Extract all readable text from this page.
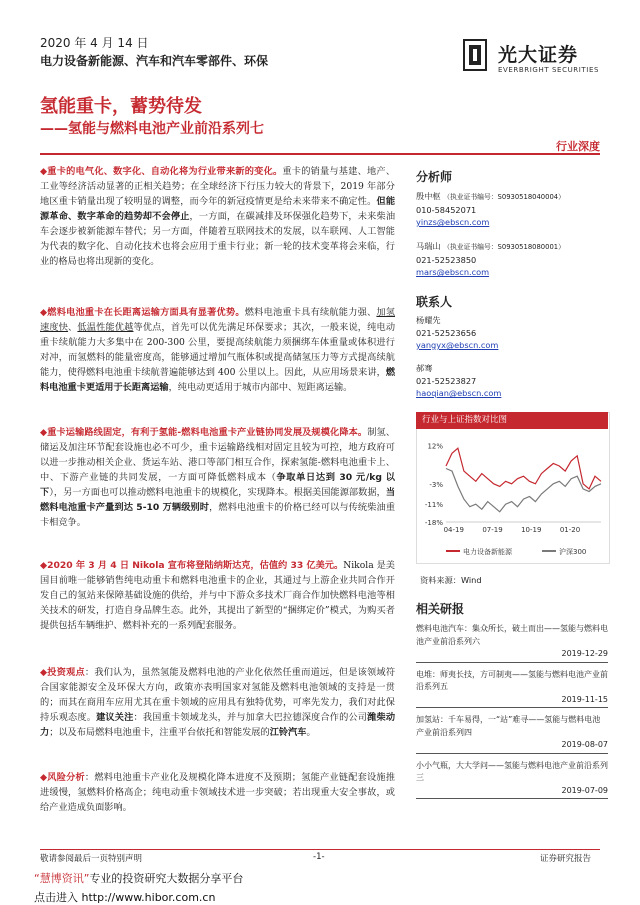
2020 年 4 月 14 日
电力设备新能源、汽车和汽车零部件、环保	光大证券
EVERBRIGHT SECURITIES
氢能重卡，蓄势待发
——氢能与燃料电池产业前沿系列七
行业深度
◆重卡的电气化、数字化、自动化将为行业带来新的变化。重卡的销量与基建、地产、工业等经济活动显著的正相关趋势；在全球经济下行压力较大的背景下，2019 年部分地区重卡销量出现了较明显的调整，而今年的新冠疫情更是给未来带来不确定性。但能源革命、数字革命的趋势却不会停止，一方面，在碳减排及环保强化趋势下，未来柴油车会逐步被新能源车替代；另一方面，伴随着互联网技术的发展，以车联网、人工智能为代表的数字化、自动化技术也将会应用于重卡行业；新一轮的技术变革将会来临，行业的格局也将出现新的变化。
◆燃料电池重卡在长距离运输方面具有显著优势。燃料电池重卡具有续航能力强、加氢速度快、低温性能优越等优点，首先可以优先满足环保要求；其次，一般来说，纯电动重卡续航能力大多集中在 200-300 公里，要提高续航能力须捆绑车体重量或体积进行对冲，而氢燃料的能量密度高，能够通过增加气瓶体积或提高储氢压力等方式提高续航能力，使得燃料电池重卡续航普遍能够达到 400 公里以上。因此，从应用场景来讲，燃料电池重卡更适用于长距离运输，纯电动更适用于城市内部中、短距离运输。
◆重卡运输路线固定，有利于氢能-燃料电池重卡产业链协同发展及规模化降本。制氢、储运及加注环节配套设施也必不可少，重卡运输路线相对固定且较为可控，地方政府可以进一步推动相关企业、货运车站、港口等部门相互合作，探索氢能-燃料电池重卡上、中、下游产业链的共同发展，一方面可降低燃料成本（争取单日达到 30 元/kg 以下），另一方面也可以推动燃料电池重卡的规模化，实现降本。根据美国能源部数据，当燃料电池重卡产量到达 5-10 万辆级别时，燃料电池重卡的价格已经可以与传统柴油重卡相竞争。
◆2020 年 3 月 4 日 Nikola 宣布将登陆纳斯达克，估值约 33 亿美元。Nikola 是美国目前唯一能够销售纯电动重卡和燃料电池重卡的企业，其通过与上游企业共同合作开发自己的氢站来保障基础设施的供给，并与中下游众多技术厂商合作加快燃料电池等相关技术的研发，打造自身品牌生态。此外，其提出了新型的“捆绑定价”模式，为购买者提供包括车辆维护、燃料补充的一系列配套服务。
◆投资观点：我们认为，虽然氢能及燃料电池的产业化依然任重而道远，但是该领域符合国家能源安全及环保大方向，政策亦表明国家对氢能及燃料电池领域的支持是一贯的；而其在商用车应用尤其在重卡领域的应用具有独特优势，可率先发力，我们对此保持乐观态度。建议关注：我国重卡领域龙头，并与加拿大巴拉德深度合作的公司潍柴动力；以及布局燃料电池重卡，注重平台依托和智能发展的江铃汽车。
◆风险分析：燃料电池重卡产业化及规模化降本进度不及预期；氢能产业链配套设施推进缓慢，氢燃料价格高企；纯电动重卡领域技术进一步突破；若出现重大安全事故，或给产业造成负面影响。
分析师
殷中枢 （执业证书编号：S0930518040004）
010-58452071
yinzs@ebscn.com
马瑞山 （执业证书编号：S0930518080001）
021-52523850
mars@ebscn.com
联系人
杨耀先
021-52523656
yangyx@ebscn.com
郝骞
021-52523827
haoqian@ebscn.com
行业与上证指数对比图
12%
-3%
-11%
-18%
04-19	07-19	10-19	01-20
电力设备新能源	沪深300
资料来源：Wind
相关研报
燃料电池汽车：集众所长，破土而出——氢能与燃料电池产业前沿系列六
2019-12-29
电堆：师夷长技，方可制夷——氢能与燃料电池产业前沿系列五
2019-11-15
加氢站：千车易得，一“站”难寻——氢能与燃料电池产业前沿系列四
2019-08-07
小小气瓶，大大学问——氢能与燃料电池产业前沿系列三
2019-07-09
敬请参阅最后一页特别声明	-1-	证券研究报告
“慧博资讯”专业的投资研究大数据分享平台
点击进入 http://www.hibor.com.cn
